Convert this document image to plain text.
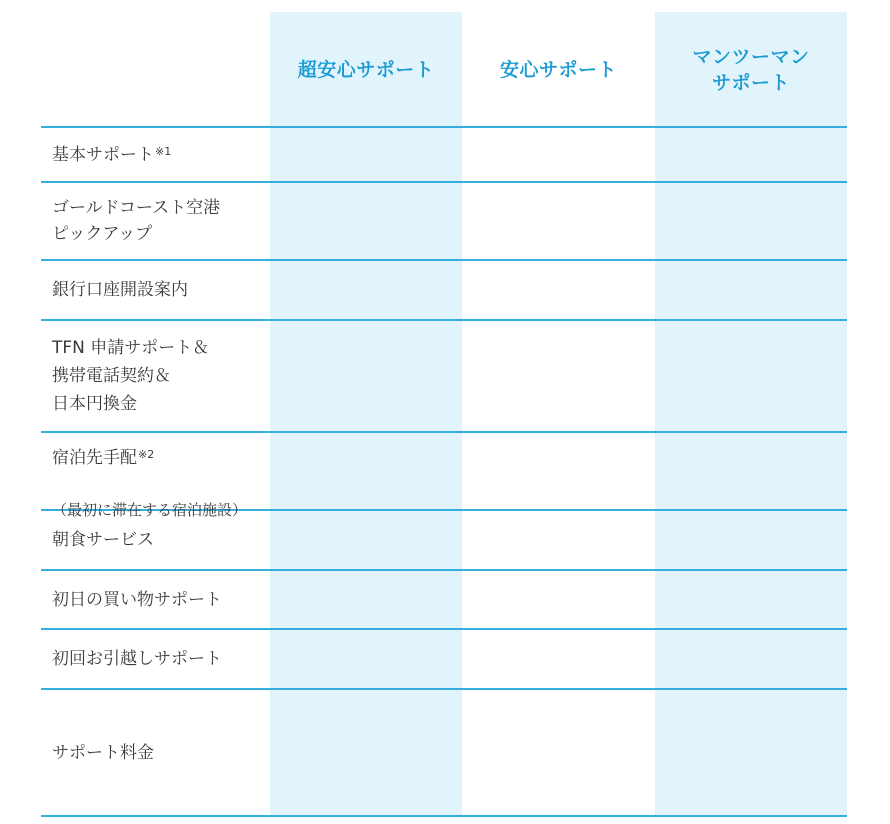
超安心サポート	安心サポート
マンツーマン
サポート
基本サポート$^{※1}$
ゴールドコースト空港
ピックアップ
銀行口座開設案内
TFN 申請サポート＆
携帯電話契約＆
日本円換金

宿泊先手配$^{※2}$

（最初に滞在する宿泊施設）

朝食サービス
初日の買い物サポート
初回お引越しサポート
サポート料金
